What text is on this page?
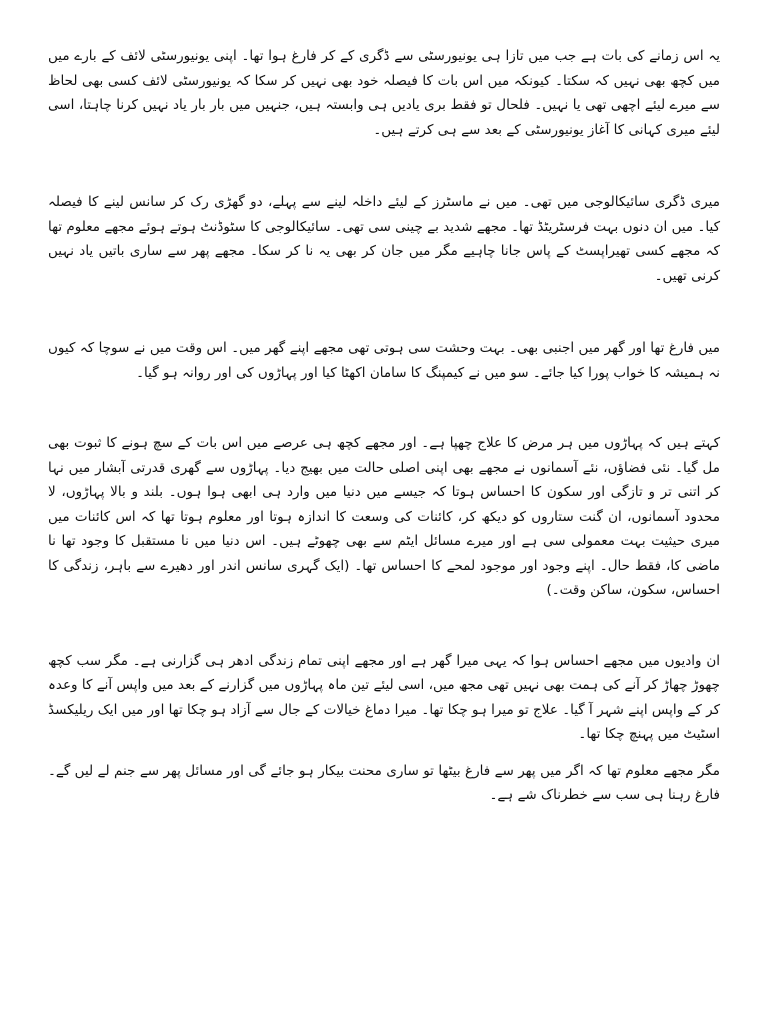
یہ اس زمانے کی بات ہے جب میں تازا ہی یونیورسٹی سے ڈگری کے کر فارغ ہوا تھا۔ اپنی یونیورسٹی لائف کے بارے میں میں کچھ بھی نہیں کہ سکتا۔ کیونکہ میں اس بات کا فیصلہ خود بھی نہیں کر سکا کہ یونیورسٹی لائف کسی بھی لحاظ سے میرے لیئے اچھی تھی یا نہیں۔ فلحال تو فقط بری یادیں ہی وابستہ ہیں، جنہیں میں بار بار یاد نہیں کرنا چاہتا، اسی لیئے میری کہانی کا آغاز یونیورسٹی کے بعد سے ہی کرتے ہیں۔

میری ڈگری سائیکالوجی میں تھی۔ میں نے ماسٹرز کے لیئے داخلہ لینے سے پہلے، دو گھڑی رک کر سانس لینے کا فیصلہ کیا۔ میں ان دنوں بہت فرسٹریٹڈ تھا۔ مجھے شدید بے چینی سی تھی۔ سائیکالوجی کا سٹوڈنٹ ہوتے ہوئے مجھے معلوم تھا کہ مجھے کسی تھیراپسٹ کے پاس جانا چاہیے مگر میں جان کر بھی یہ نا کر سکا۔ مجھے پھر سے ساری باتیں یاد نہیں کرنی تھیں۔

میں فارغ تھا اور گھر میں اجنبی بھی۔ بہت وحشت سی ہوتی تھی مجھے اپنے گھر میں۔ اس وقت میں نے سوچا کہ کیوں نہ ہمیشہ کا خواب پورا کیا جائے۔ سو میں نے کیمپنگ کا سامان اکھٹا کیا اور پہاڑوں کی اور روانہ ہو گیا۔

کہتے ہیں کہ پہاڑوں میں ہر مرض کا علاج چھپا ہے۔ اور مجھے کچھ ہی عرصے میں اس بات کے سچ ہونے کا ثبوت بھی مل گیا۔ نئی فضاؤں، نئے آسمانوں نے مجھے بھی اپنی اصلی حالت میں بھیج دیا۔ پہاڑوں سے گھری قدرتی آبشار میں نہا کر اتنی تر و تازگی اور سکون کا احساس ہوتا کہ جیسے میں دنیا میں وارد ہی ابھی ہوا ہوں۔ بلند و بالا پہاڑوں، لا محدود آسمانوں، ان گنت ستاروں کو دیکھ کر، کائنات کی وسعت کا اندازہ ہوتا اور معلوم ہوتا تھا کہ اس کائنات میں میری حیثیت بہت معمولی سی ہے اور میرے مسائل ایٹم سے بھی چھوٹے ہیں۔ اس دنیا میں نا مستقبل کا وجود تھا نا ماضی کا، فقط حال۔ اپنے وجود اور موجود لمحے کا احساس تھا۔ (ایک گہری سانس اندر اور دھیرے سے باہر، زندگی کا احساس، سکون، ساکن وقت۔)

ان وادیوں میں مجھے احساس ہوا کہ یہی میرا گھر ہے اور مجھے اپنی تمام زندگی ادھر ہی گزارنی ہے۔ مگر سب کچھ چھوڑ چھاڑ کر آنے کی ہمت بھی نہیں تھی مجھ میں، اسی لیئے تین ماہ پہاڑوں میں گزارنے کے بعد میں واپس آنے کا وعدہ کر کے واپس اپنے شہر آ گیا۔ علاج تو میرا ہو چکا تھا۔ میرا دماغ خیالات کے جال سے آزاد ہو چکا تھا اور میں ایک ریلیکسڈ اسٹیٹ میں پہنچ چکا تھا۔

مگر مجھے معلوم تھا کہ اگر میں پھر سے فارغ بیٹھا تو ساری محنت بیکار ہو جائے گی اور مسائل پھر سے جنم لے لیں گے۔ فارغ رہنا ہی سب سے خطرناک شے ہے۔
